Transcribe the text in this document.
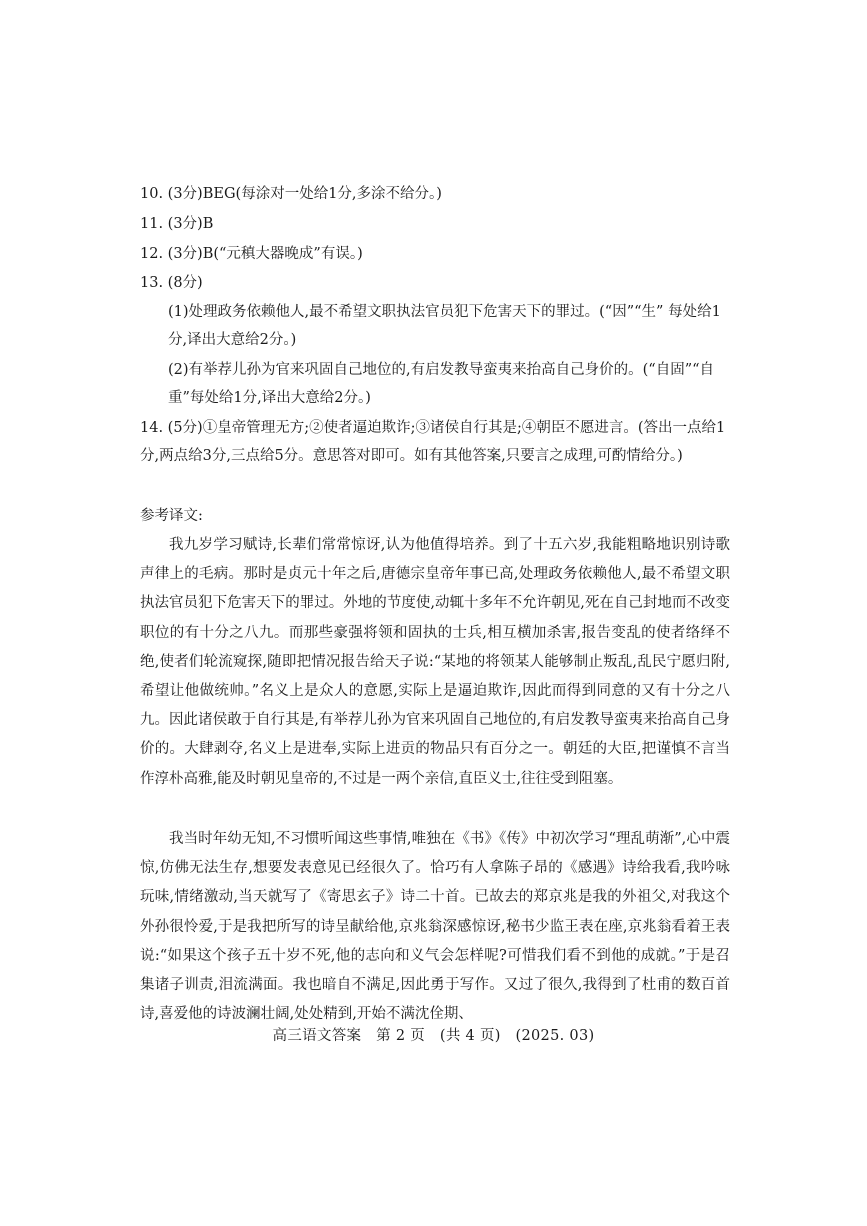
10. (3分)BEG(每涂对一处给1分,多涂不给分。)
11. (3分)B
12. (3分)B(“元稹大器晚成”有误。)
13. (8分)
(1)处理政务依赖他人,最不希望文职执法官员犯下危害天下的罪过。(“因”“生” 每处给1分,译出大意给2分。)
(2)有举荐儿孙为官来巩固自己地位的,有启发教导蛮夷来抬高自己身价的。(“自固”“自重”每处给1分,译出大意给2分。)
14. (5分)①皇帝管理无方;②使者逼迫欺诈;③诸侯自行其是;④朝臣不愿进言。(答出一点给1分,两点给3分,三点给5分。意思答对即可。如有其他答案,只要言之成理,可酌情给分。)
参考译文:
我九岁学习赋诗,长辈们常常惊讶,认为他值得培养。到了十五六岁,我能粗略地识别诗歌声律上的毛病。那时是贞元十年之后,唐德宗皇帝年事已高,处理政务依赖他人,最不希望文职执法官员犯下危害天下的罪过。外地的节度使,动辄十多年不允许朝见,死在自己封地而不改变职位的有十分之八九。而那些豪强将领和固执的士兵,相互横加杀害,报告变乱的使者络绎不绝,使者们轮流窥探,随即把情况报告给天子说:“某地的将领某人能够制止叛乱,乱民宁愿归附,希望让他做统帅。”名义上是众人的意愿,实际上是逼迫欺诈,因此而得到同意的又有十分之八九。因此诸侯敢于自行其是,有举荐儿孙为官来巩固自己地位的,有启发教导蛮夷来抬高自己身价的。大肆剥夺,名义上是进奉,实际上进贡的物品只有百分之一。朝廷的大臣,把谨慎不言当作淳朴高雅,能及时朝见皇帝的,不过是一两个亲信,直臣义士,往往受到阻塞。
我当时年幼无知,不习惯听闻这些事情,唯独在《书》《传》中初次学习“理乱萌渐”,心中震惊,仿佛无法生存,想要发表意见已经很久了。恰巧有人拿陈子昂的《感遇》诗给我看,我吟咏玩味,情绪激动,当天就写了《寄思玄子》诗二十首。已故去的郑京兆是我的外祖父,对我这个外孙很怜爱,于是我把所写的诗呈献给他,京兆翁深感惊讶,秘书少监王表在座,京兆翁看着王表说:“如果这个孩子五十岁不死,他的志向和义气会怎样呢?可惜我们看不到他的成就。”于是召集诸子训责,泪流满面。我也暗自不满足,因此勇于写作。又过了很久,我得到了杜甫的数百首诗,喜爱他的诗波澜壮阔,处处精到,开始不满沈佺期、
高三语文答案　第 2 页　(共 4 页)　(2025. 03)
